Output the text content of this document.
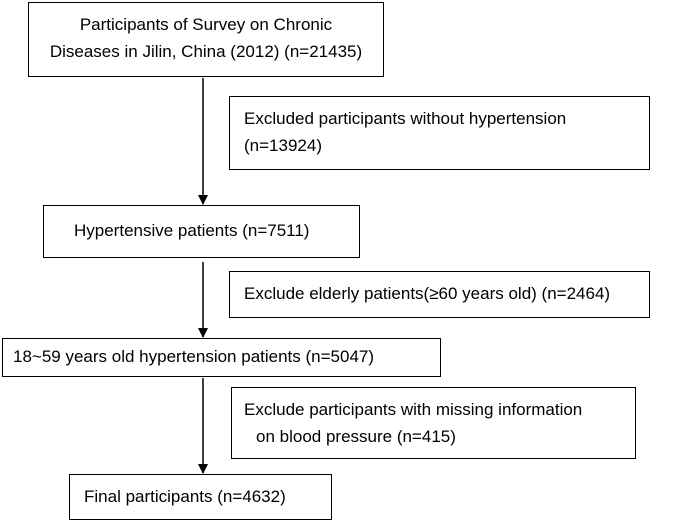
Participants of Survey on Chronic
Diseases in Jilin, China (2012) (n=21435)
Excluded participants without hypertension
(n=13924)
Hypertensive patients (n=7511)
Exclude elderly patients(≥60 years old) (n=2464)
18~59 years old hypertension patients (n=5047)
Exclude participants with missing information
on blood pressure (n=415)
Final participants (n=4632)
